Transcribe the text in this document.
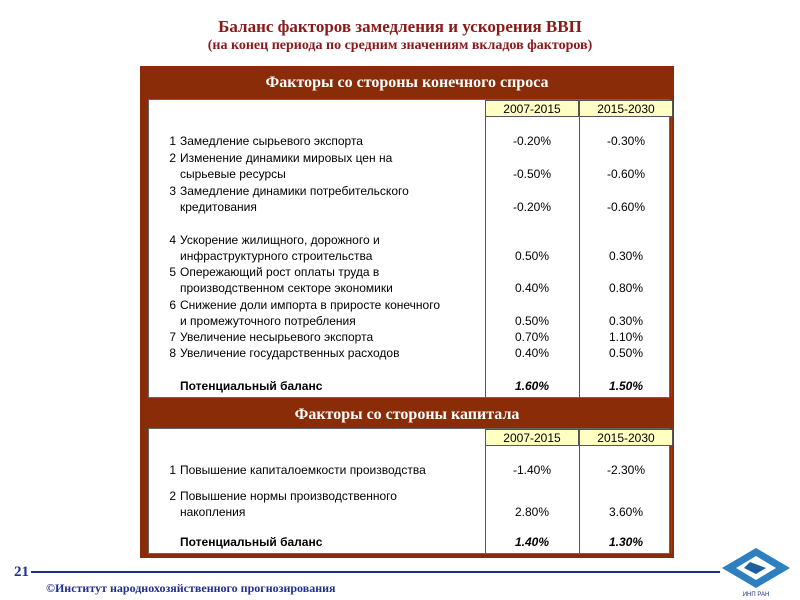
Баланс факторов замедления и ускорения ВВП
(на конец периода по средним значениям вкладов факторов)
Факторы со стороны конечного спроса
2007-2015	2015-2030
1 Замедление сырьевого экспорта	-0.20%	-0.30%
2 Изменение динамики мировых цен на
сырьевые ресурсы	-0.50%	-0.60%
3 Замедление динамики потребительского
кредитования	-0.20%	-0.60%
4 Ускорение жилищного, дорожного и
инфраструктурного строительства	0.50%	0.30%
5 Опережающий рост оплаты труда в
производственном секторе экономики	0.40%	0.80%
6 Снижение доли импорта в приросте конечного
и промежуточного потребления	0.50%	0.30%
7 Увеличение несырьевого экспорта	0.70%	1.10%
8 Увеличение государственных расходов	0.40%	0.50%
Потенциальный баланс	1.60%	1.50%
Факторы со стороны капитала
2007-2015	2015-2030
1 Повышение капиталоемкости производства	-1.40%	-2.30%
2 Повышение нормы производственного
накопления	2.80%	3.60%
Потенциальный баланс	1.40%	1.30%
21
©Институт народнохозяйственного прогнозирования	ИНП РАН
